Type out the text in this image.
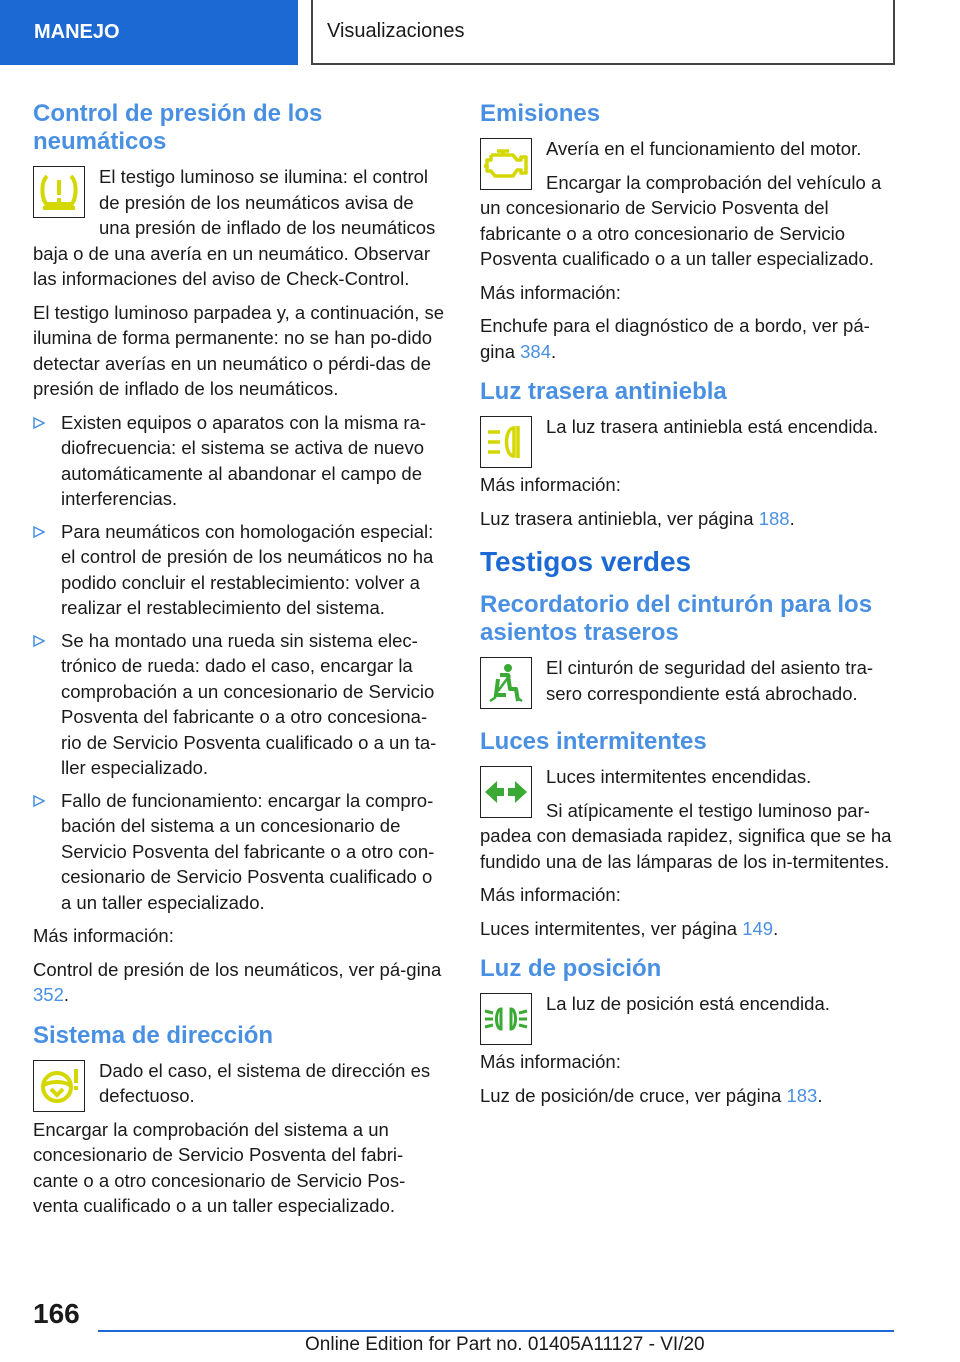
MANEJO	Visualizaciones
Control de presión de los neumáticos

El testigo luminoso se ilumina: el control de presión de los neumáticos avisa de una presión de inflado de los neumáticos baja o de una avería en un neumático. Observar las informaciones del aviso de Check-Control.

El testigo luminoso parpadea y, a continuación, se ilumina de forma permanente: no se han po-dido detectar averías en un neumático o pérdi-das de presión de inflado de los neumáticos.

Existen equipos o aparatos con la misma ra-diofrecuencia: el sistema se activa de nuevo automáticamente al abandonar el campo de interferencias.
Para neumáticos con homologación especial: el control de presión de los neumáticos no ha podido concluir el restablecimiento: volver a realizar el restablecimiento del sistema.
Se ha montado una rueda sin sistema elec-trónico de rueda: dado el caso, encargar la comprobación a un concesionario de Servicio Posventa del fabricante o a otro concesiona-rio de Servicio Posventa cualificado o a un ta-ller especializado.
Fallo de funcionamiento: encargar la compro-bación del sistema a un concesionario de Servicio Posventa del fabricante o a otro con-cesionario de Servicio Posventa cualificado o a un taller especializado.

Más información:

Control de presión de los neumáticos, ver pá-gina 352.

Sistema de dirección

Dado el caso, el sistema de dirección es defectuoso.

Encargar la comprobación del sistema a un concesionario de Servicio Posventa del fabri-cante o a otro concesionario de Servicio Pos-venta cualificado o a un taller especializado.

Emisiones

Avería en el funcionamiento del motor.

Encargar la comprobación del vehículo a un concesionario de Servicio Posventa del fabricante o a otro concesionario de Servicio Posventa cualificado o a un taller especializado.

Más información:

Enchufe para el diagnóstico de a bordo, ver pá-gina 384.

Luz trasera antiniebla

La luz trasera antiniebla está encendida.

Más información:

Luz trasera antiniebla, ver página 188.

Testigos verdes
Recordatorio del cinturón para los asientos traseros

El cinturón de seguridad del asiento tra-sero correspondiente está abrochado.

Luces intermitentes

Luces intermitentes encendidas.

Si atípicamente el testigo luminoso par-padea con demasiada rapidez, significa que se ha fundido una de las lámparas de los in-termitentes.

Más información:

Luces intermitentes, ver página 149.

Luz de posición

La luz de posición está encendida.

Más información:

Luz de posición/de cruce, ver página 183.

166
Online Edition for Part no. 01405A11127 - VI/20
